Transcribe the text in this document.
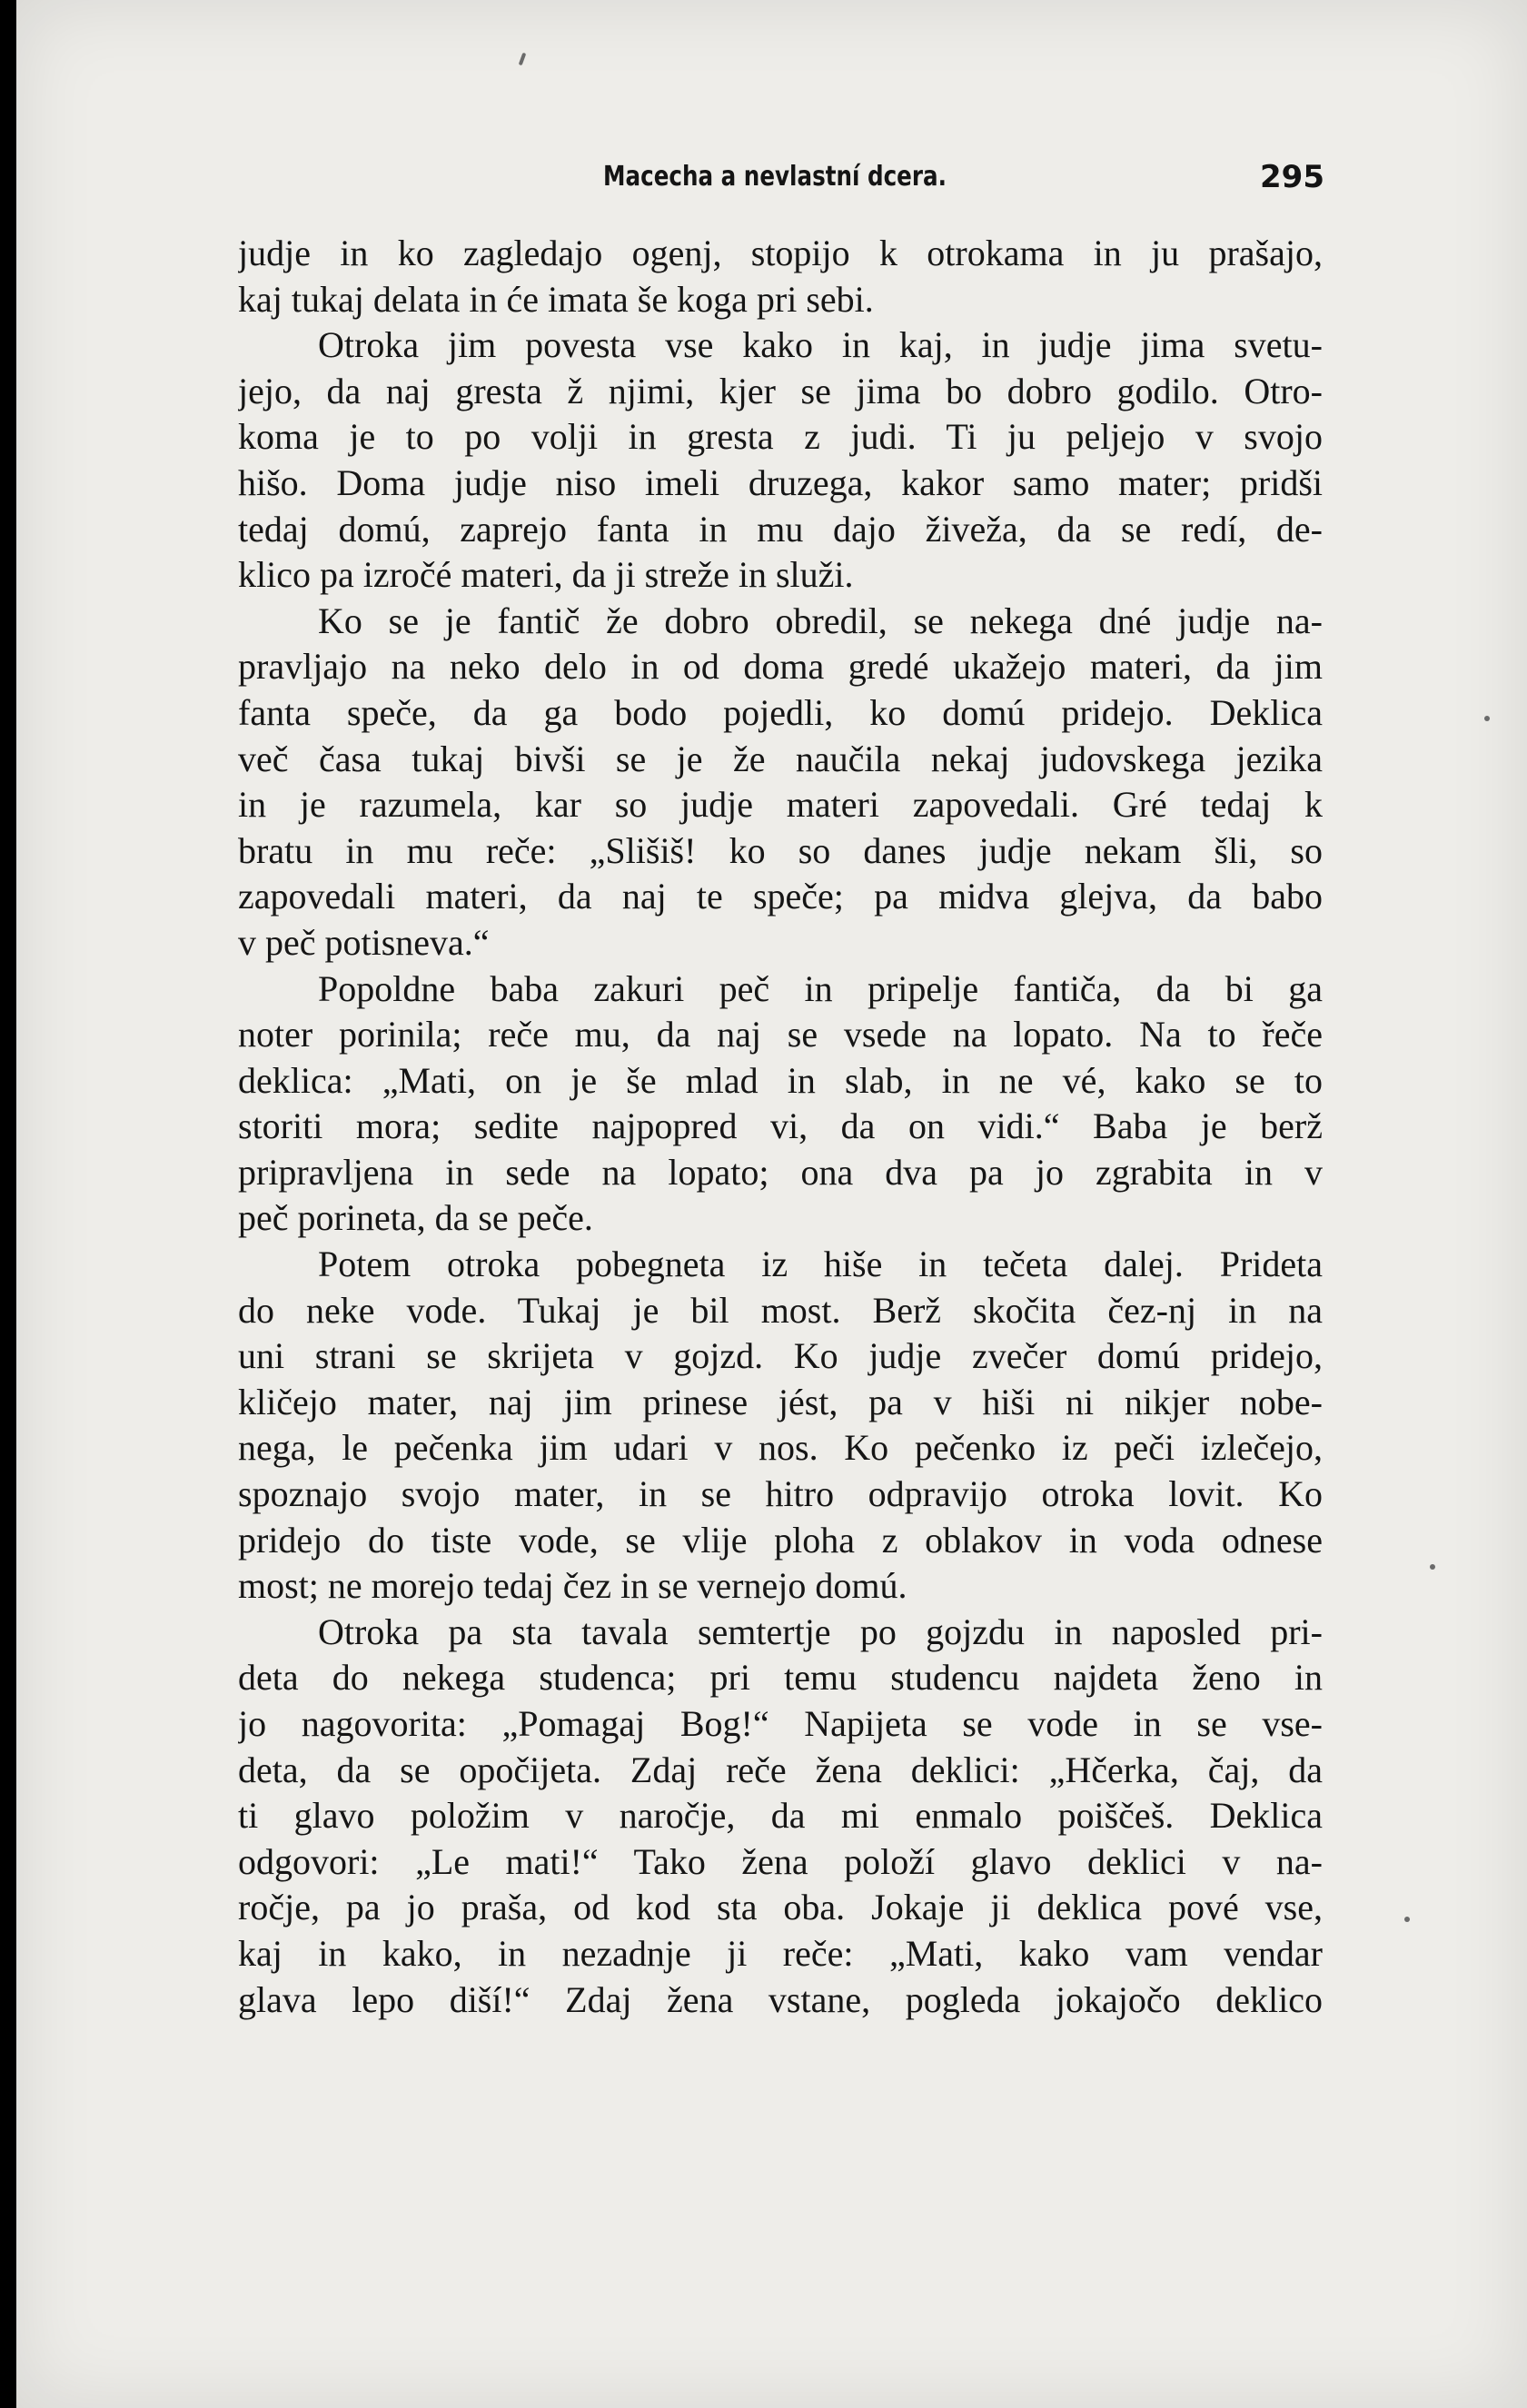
Macecha a nevlastní dcera.	295
judje in ko zagledajo ogenj, stopijo k otrokama in ju prašajo,
kaj tukaj delata in će imata še koga pri sebi.
Otroka jim povesta vse kako in kaj, in judje jima svetu-
jejo, da naj gresta ž njimi, kjer se jima bo dobro godilo. Otro-
koma je to po volji in gresta z judi. Ti ju peljejo v svojo
hišo. Doma judje niso imeli druzega, kakor samo mater; pridši
tedaj domú, zaprejo fanta in mu dajo živeža, da se redí, de-
klico pa izročé materi, da ji streže in služi.
Ko se je fantič že dobro obredil, se nekega dné judje na-
pravljajo na neko delo in od doma gredé ukažejo materi, da jim
fanta speče, da ga bodo pojedli, ko domú pridejo. Deklica
več časa tukaj bivši se je že naučila nekaj judovskega jezika
in je razumela, kar so judje materi zapovedali. Gré tedaj k
bratu in mu reče: „Slišiš! ko so danes judje nekam šli, so
zapovedali materi, da naj te speče; pa midva glejva, da babo
v peč potisneva.“
Popoldne baba zakuri peč in pripelje fantiča, da bi ga
noter porinila; reče mu, da naj se vsede na lopato. Na to řeče
deklica: „Mati, on je še mlad in slab, in ne vé, kako se to
storiti mora; sedite najpopred vi, da on vidi.“ Baba je berž
pripravljena in sede na lopato; ona dva pa jo zgrabita in v
peč porineta, da se peče.
Potem otroka pobegneta iz hiše in tečeta dalej. Prideta
do neke vode. Tukaj je bil most. Berž skočita čez-nj in na
uni strani se skrijeta v gojzd. Ko judje zvečer domú pridejo,
kličejo mater, naj jim prinese jést, pa v hiši ni nikjer nobe-
nega, le pečenka jim udari v nos. Ko pečenko iz peči izlečejo,
spoznajo svojo mater, in se hitro odpravijo otroka lovit. Ko
pridejo do tiste vode, se vlije ploha z oblakov in voda odnese
most; ne morejo tedaj čez in se vernejo domú.
Otroka pa sta tavala semtertje po gojzdu in naposled pri-
deta do nekega studenca; pri temu studencu najdeta ženo in
jo nagovorita: „Pomagaj Bog!“ Napijeta se vode in se vse-
deta, da se opočijeta. Zdaj reče žena deklici: „Hčerka, čaj, da
ti glavo položim v naročje, da mi enmalo poiščeš. Deklica
odgovori: „Le mati!“ Tako žena položí glavo deklici v na-
ročje, pa jo praša, od kod sta oba. Jokaje ji deklica pové vse,
kaj in kako, in nezadnje ji reče: „Mati, kako vam vendar
glava lepo diší!“ Zdaj žena vstane, pogleda jokajočo deklico
